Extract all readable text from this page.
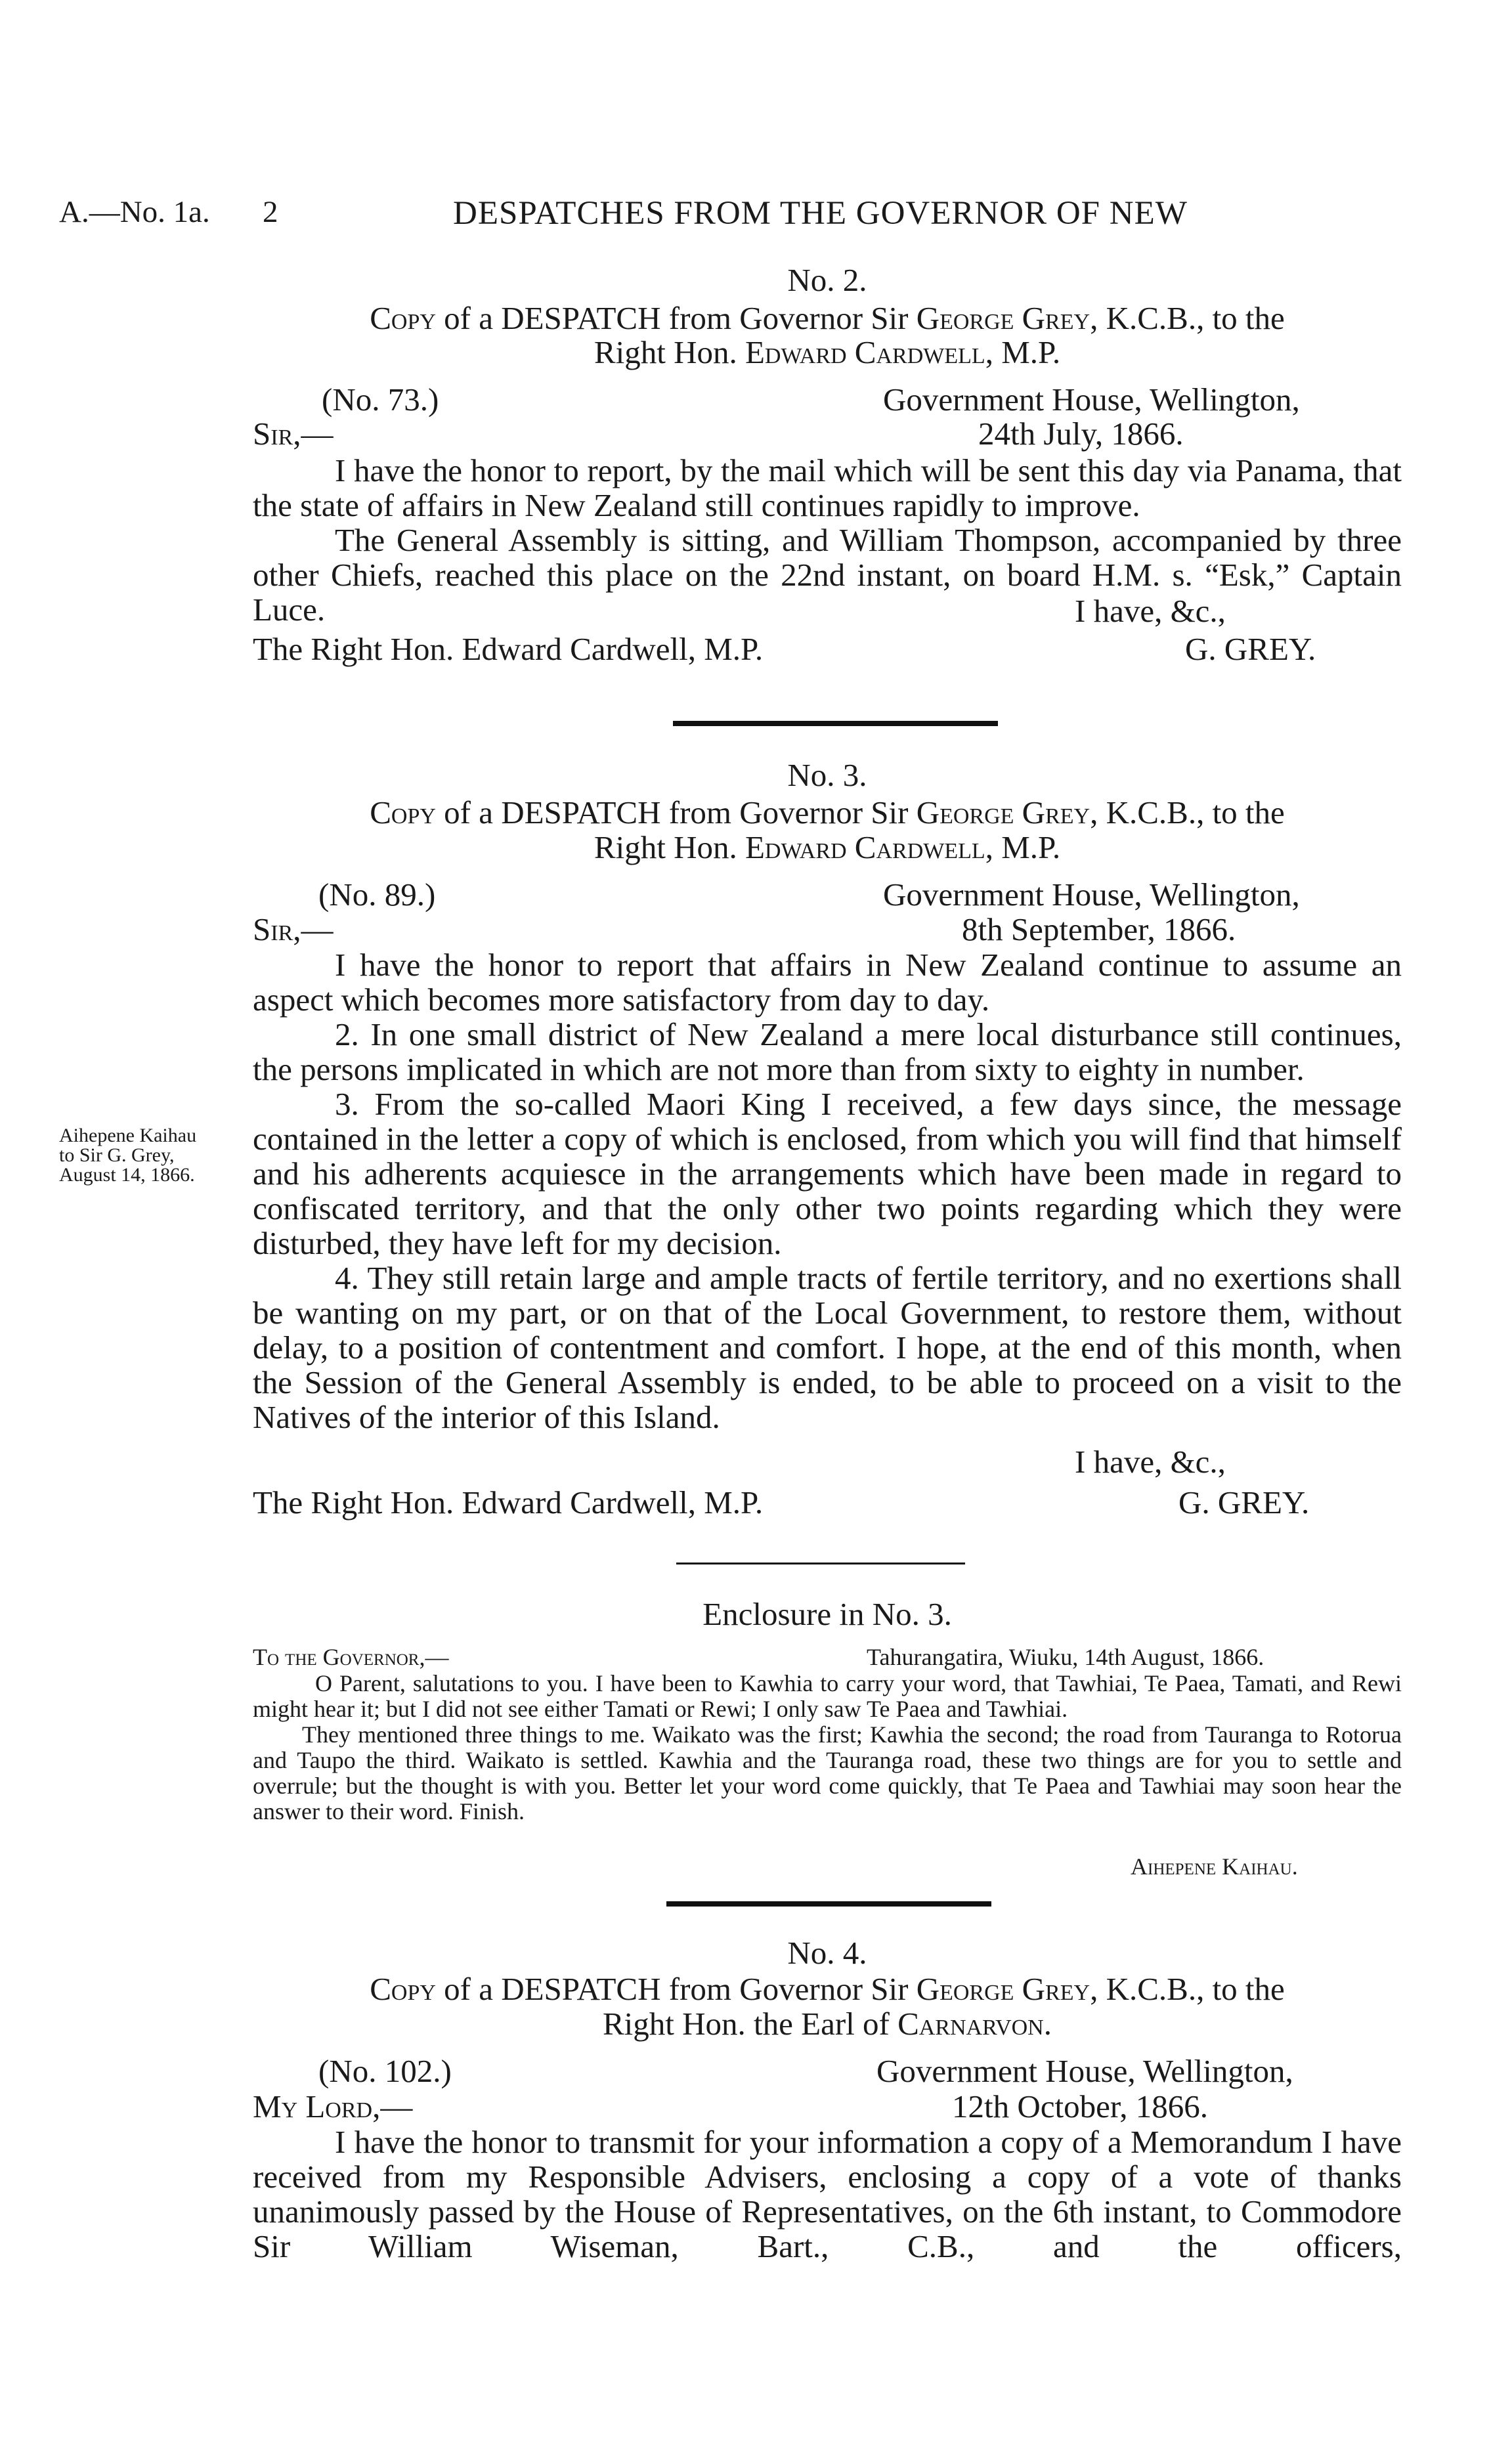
A.—No. 1a. 2	DESPATCHES FROM THE GOVERNOR OF NEW
No. 2.
Copy of a DESPATCH from Governor Sir George Grey, K.C.B., to the
Right Hon. Edward Cardwell, M.P.
(No. 73.)	Government House, Wellington,
Sir,—	24th July, 1866.

I have the honor to report, by the mail which will be sent this day via Panama, that the state of affairs in New Zealand still continues rapidly to improve.

The General Assembly is sitting, and William Thompson, accompanied by three other Chiefs, reached this place on the 22nd instant, on board H.M. s. “Esk,” Captain Luce.	I have, &c.,
The Right Hon. Edward Cardwell, M.P.	G. GREY.
No. 3.
Copy of a DESPATCH from Governor Sir George Grey, K.C.B., to the
Right Hon. Edward Cardwell, M.P.
(No. 89.)	Government House, Wellington,
Sir,—	8th September, 1866.

I have the honor to report that affairs in New Zealand continue to assume an aspect which becomes more satisfactory from day to day.

2. In one small district of New Zealand a mere local disturbance still continues, the persons implicated in which are not more than from sixty to eighty in number.

3. From the so-called Maori King I received, a few days since, the message contained in the letter a copy of which is enclosed, from which you will find that himself and his adherents acquiesce in the arrangements which have been made in regard to confiscated territory, and that the only other two points regarding which they were disturbed, they have left for my decision.

4. They still retain large and ample tracts of fertile territory, and no exertions shall be wanting on my part, or on that of the Local Government, to restore them, without delay, to a position of contentment and comfort. I hope, at the end of this month, when the Session of the General Assembly is ended, to be able to proceed on a visit to the Natives of the interior of this Island.

Aihepene Kaihau
to Sir G. Grey,
August 14, 1866.
I have, &c.,
The Right Hon. Edward Cardwell, M.P.	G. GREY.
Enclosure in No. 3.
To the Governor,—	Tahurangatira, Wiuku, 14th August, 1866.

O Parent, salutations to you. I have been to Kawhia to carry your word, that Tawhiai, Te Paea, Tamati, and Rewi might hear it; but I did not see either Tamati or Rewi; I only saw Te Paea and Tawhiai.

They mentioned three things to me. Waikato was the first; Kawhia the second; the road from Tauranga to Rotorua and Taupo the third. Waikato is settled. Kawhia and the Tauranga road, these two things are for you to settle and overrule; but the thought is with you. Better let your word come quickly, that Te Paea and Tawhiai may soon hear the answer to their word. Finish.

Aihepene Kaihau.
No. 4.
Copy of a DESPATCH from Governor Sir George Grey, K.C.B., to the
Right Hon. the Earl of Carnarvon.
(No. 102.)	Government House, Wellington,
My Lord,—	12th October, 1866.

I have the honor to transmit for your information a copy of a Memorandum I have received from my Responsible Advisers, enclosing a copy of a vote of thanks unanimously passed by the House of Representatives, on the 6th instant, to Commodore Sir William Wiseman, Bart., C.B., and the officers,
